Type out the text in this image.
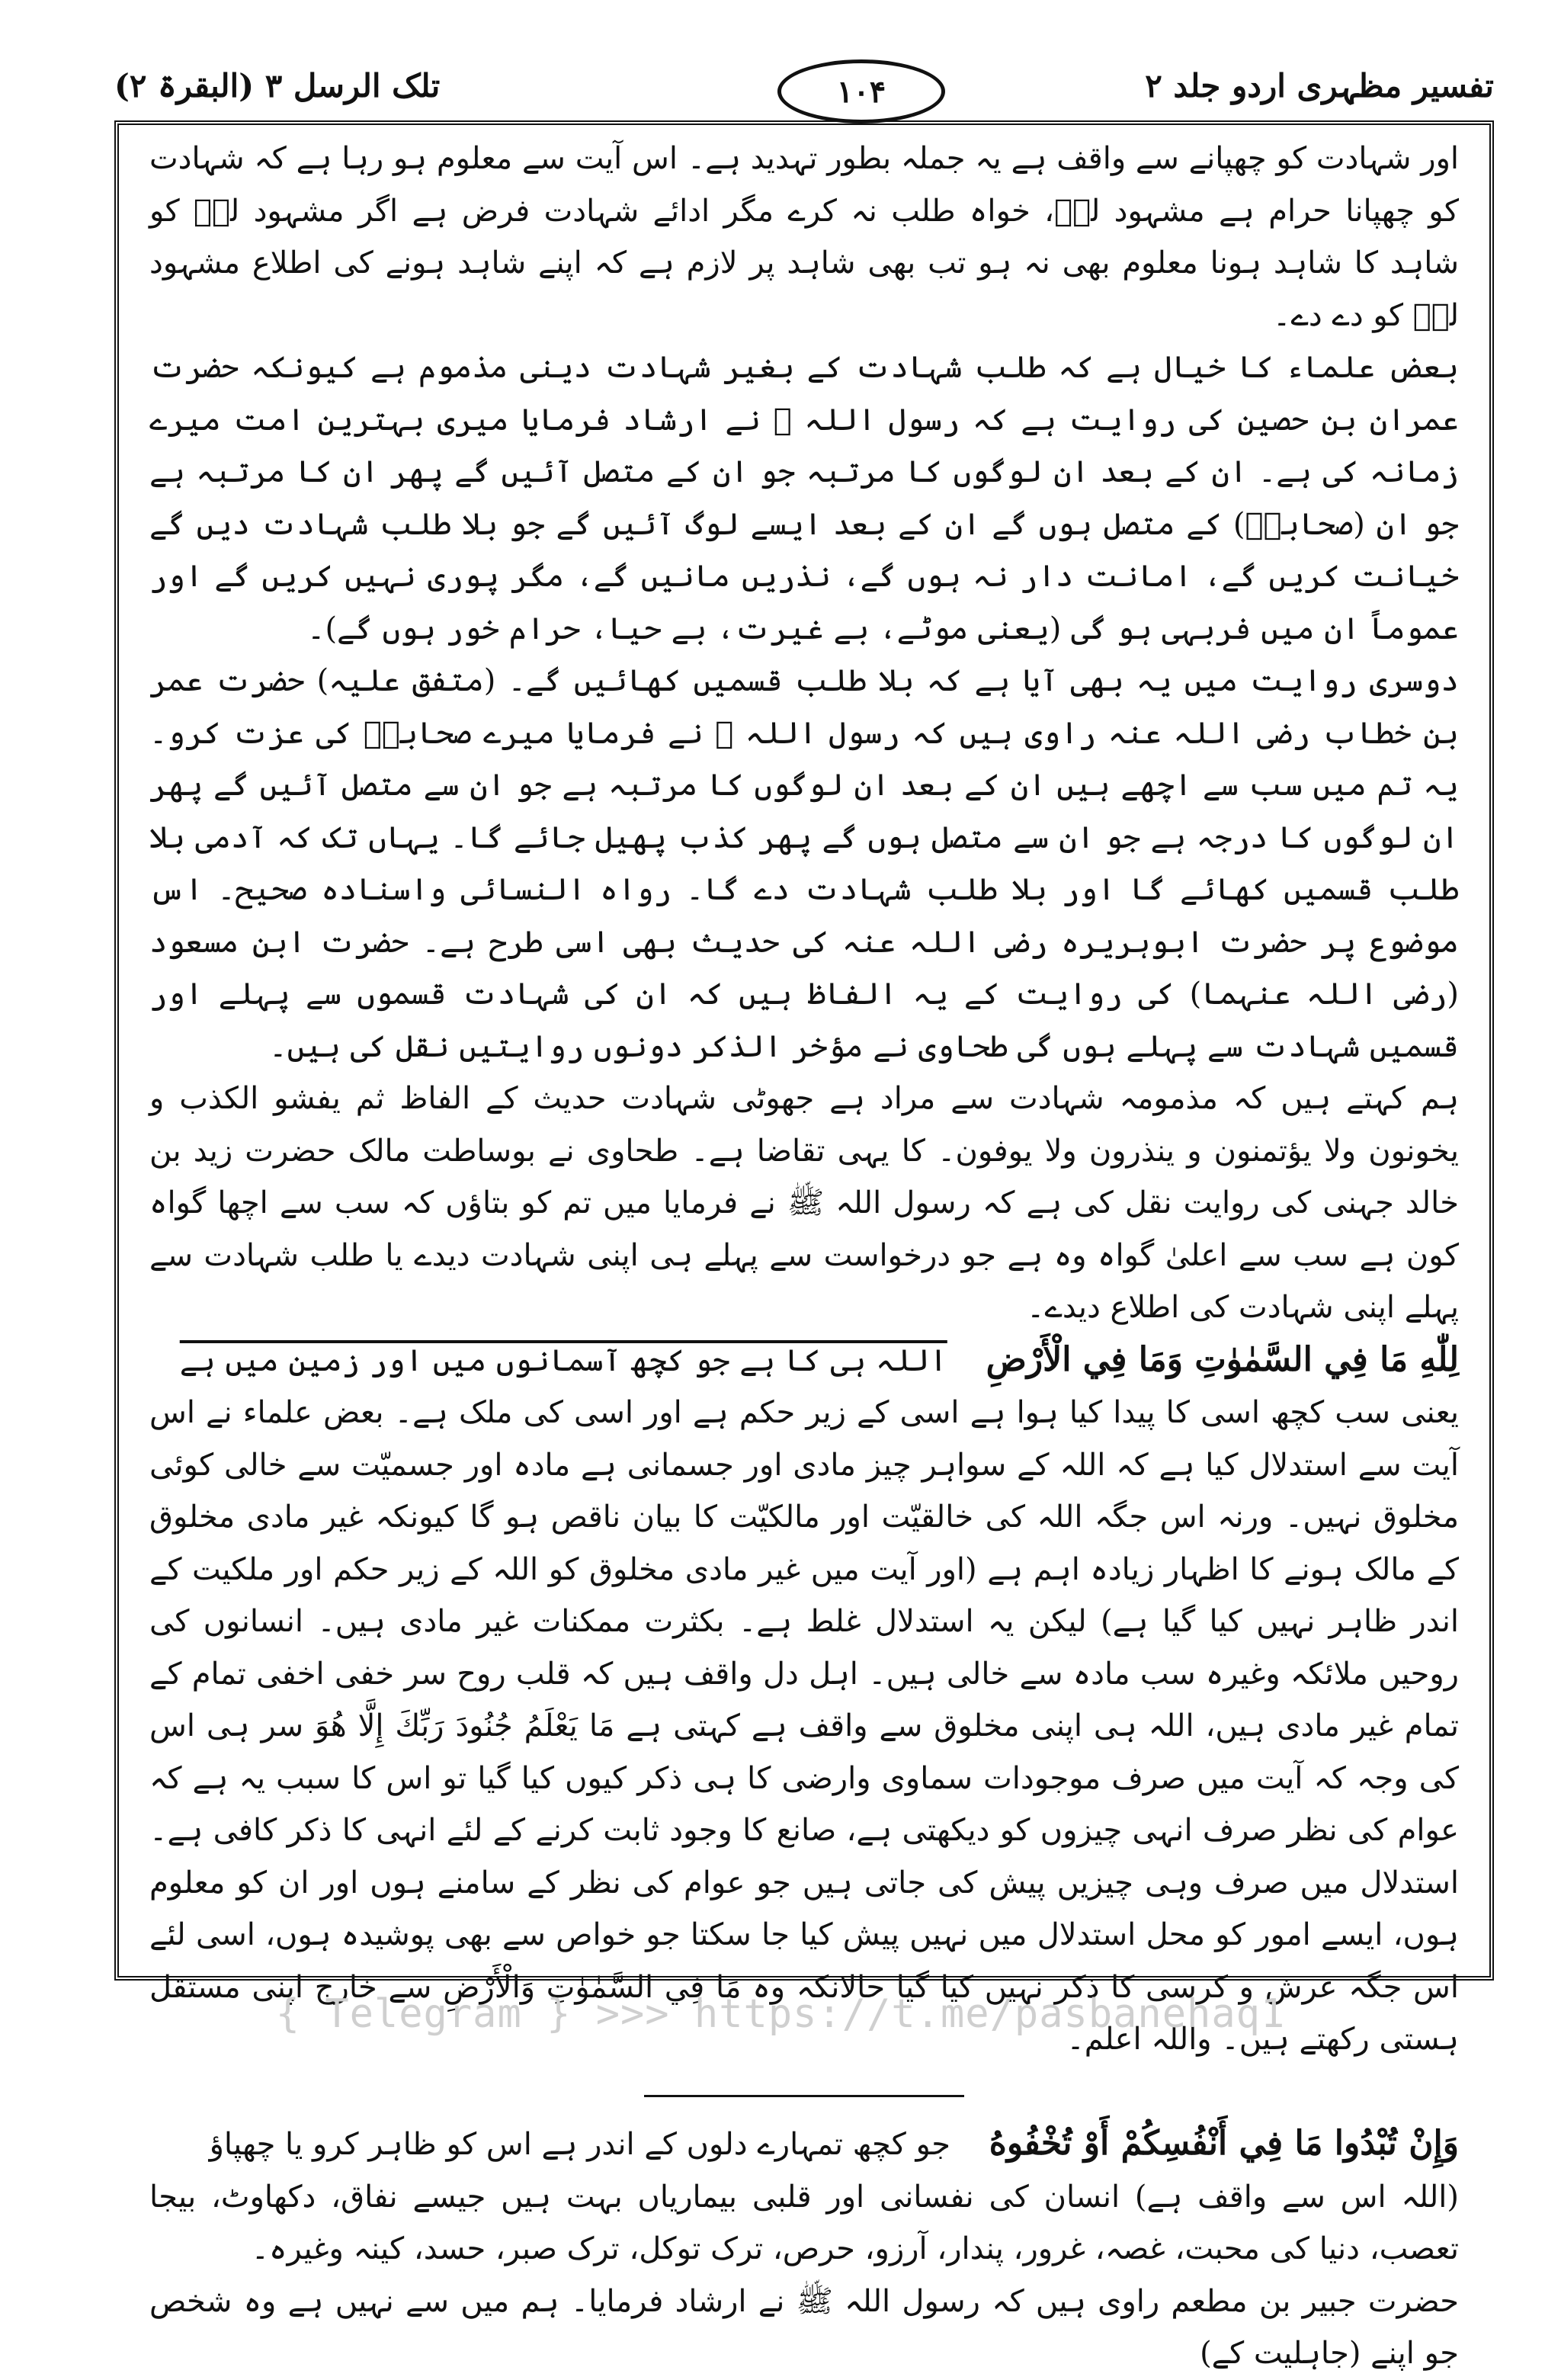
تفسیر مظہری اردو جلد ۲
۱۰۴
تلک الرسل ۳ (البقرۃ ۲)

اور شہادت کو چھپانے سے واقف ہے یہ جملہ بطور تہدید ہے۔ اس آیت سے معلوم ہو رہا ہے کہ شہادت کو چھپانا حرام ہے مشہود لہٗ، خواہ طلب نہ کرے مگر ادائے شہادت فرض ہے اگر مشہود لہٗ کو شاہد کا شاہد ہونا معلوم بھی نہ ہو تب بھی شاہد پر لازم ہے کہ اپنے شاہد ہونے کی اطلاع مشہود لہٗ کو دے دے۔

بعض علماء کا خیال ہے کہ طلب شہادت کے بغیر شہادت دینی مذموم ہے کیونکہ حضرت عمران بن حصین کی روایت ہے کہ رسول اللہ ﷺ نے ارشاد فرمایا میری بہترین امت میرے زمانہ کی ہے۔ ان کے بعد ان لوگوں کا مرتبہ جو ان کے متصل آئیں گے پھر ان کا مرتبہ ہے جو ان (صحابہؓ) کے متصل ہوں گے ان کے بعد ایسے لوگ آئیں گے جو بلا طلب شہادت دیں گے خیانت کریں گے، امانت دار نہ ہوں گے، نذریں مانیں گے، مگر پوری نہیں کریں گے اور عموماً ان میں فربہی ہو گی (یعنی موٹے، بے غیرت، بے حیا، حرام خور ہوں گے)۔

دوسری روایت میں یہ بھی آیا ہے کہ بلا طلب قسمیں کھائیں گے۔ (متفق علیہ) حضرت عمر بن خطاب رضی اللہ عنہ راوی ہیں کہ رسول اللہ ﷺ نے فرمایا میرے صحابہؓ کی عزت کرو۔ یہ تم میں سب سے اچھے ہیں ان کے بعد ان لوگوں کا مرتبہ ہے جو ان سے متصل آئیں گے پھر ان لوگوں کا درجہ ہے جو ان سے متصل ہوں گے پھر کذب پھیل جائے گا۔ یہاں تک کہ آدمی بلا طلب قسمیں کھائے گا اور بلا طلب شہادت دے گا۔ رواہ النسائی واسنادہ صحیح۔ اس موضوع پر حضرت ابوہریرہ رضی اللہ عنہ کی حدیث بھی اسی طرح ہے۔ حضرت ابن مسعود (رضی اللہ عنہما) کی روایت کے یہ الفاظ ہیں کہ ان کی شہادت قسموں سے پہلے اور قسمیں شہادت سے پہلے ہوں گی طحاوی نے مؤخر الذکر دونوں روایتیں نقل کی ہیں۔

ہم کہتے ہیں کہ مذمومہ شہادت سے مراد ہے جھوٹی شہادت حدیث کے الفاظ ثم يفشو الكذب و يخونون ولا يؤتمنون و ينذرون ولا يوفون۔ کا یہی تقاضا ہے۔ طحاوی نے بوساطت مالک حضرت زید بن خالد جہنی کی روایت نقل کی ہے کہ رسول اللہ ﷺ نے فرمایا میں تم کو بتاؤں کہ سب سے اچھا گواہ کون ہے سب سے اعلیٰ گواہ وہ ہے جو درخواست سے پہلے ہی اپنی شہادت دیدے یا طلب شہادت سے پہلے اپنی شہادت کی اطلاع دیدے۔

لِلّٰهِ مَا فِي السَّمٰوٰتِ وَمَا فِي الْأَرْضِ    اللہ ہی کا ہے جو کچھ آسمانوں میں اور زمین میں ہے

یعنی سب کچھ اسی کا پیدا کیا ہوا ہے اسی کے زیر حکم ہے اور اسی کی ملک ہے۔ بعض علماء نے اس آیت سے استدلال کیا ہے کہ اللہ کے سواہر چیز مادی اور جسمانی ہے مادہ اور جسمیّت سے خالی کوئی مخلوق نہیں۔ ورنہ اس جگہ اللہ کی خالقیّت اور مالکیّت کا بیان ناقص ہو گا کیونکہ غیر مادی مخلوق کے مالک ہونے کا اظہار زیادہ اہم ہے (اور آیت میں غیر مادی مخلوق کو اللہ کے زیر حکم اور ملکیت کے اندر ظاہر نہیں کیا گیا ہے) لیکن یہ استدلال غلط ہے۔ بکثرت ممکنات غیر مادی ہیں۔ انسانوں کی روحیں ملائکہ وغیرہ سب مادہ سے خالی ہیں۔ اہل دل واقف ہیں کہ قلب روح سر خفی اخفی تمام کے تمام غیر مادی ہیں، اللہ ہی اپنی مخلوق سے واقف ہے کہتی ہے مَا يَعْلَمُ جُنُودَ رَبِّكَ إِلَّا هُوَ سر ہی اس کی وجہ کہ آیت میں صرف موجودات سماوی وارضی کا ہی ذکر کیوں کیا گیا تو اس کا سبب یہ ہے کہ عوام کی نظر صرف انہی چیزوں کو دیکھتی ہے، صانع کا وجود ثابت کرنے کے لئے انہی کا ذکر کافی ہے۔ استدلال میں صرف وہی چیزیں پیش کی جاتی ہیں جو عوام کی نظر کے سامنے ہوں اور ان کو معلوم ہوں، ایسے امور کو محل استدلال میں نہیں پیش کیا جا سکتا جو خواص سے بھی پوشیدہ ہوں، اسی لئے اس جگہ عرش و کرسی کا ذکر نہیں کیا گیا حالانکہ وہ مَا فِي السَّمٰوٰتِ وَالْأَرْضِ سے خارج اپنی مستقل ہستی رکھتے ہیں۔ واللہ اعلم۔

وَإِنْ تُبْدُوا مَا فِي أَنْفُسِكُمْ أَوْ تُخْفُوهُ    جو کچھ تمہارے دلوں کے اندر ہے اس کو ظاہر کرو یا چھپاؤ

(اللہ اس سے واقف ہے) انسان کی نفسانی اور قلبی بیماریاں بہت ہیں جیسے نفاق، دکھاوٹ، بیجا تعصب، دنیا کی محبت، غصہ، غرور، پندار، آرزو، حرص، ترک توکل، ترک صبر، حسد، کینہ وغیرہ۔

حضرت جبیر بن مطعم راوی ہیں کہ رسول اللہ ﷺ نے ارشاد فرمایا۔ ہم میں سے نہیں ہے وہ شخص جو اپنے (جاہلیت کے)

{ Telegram } >>> https://t.me/pasbanehaq1
